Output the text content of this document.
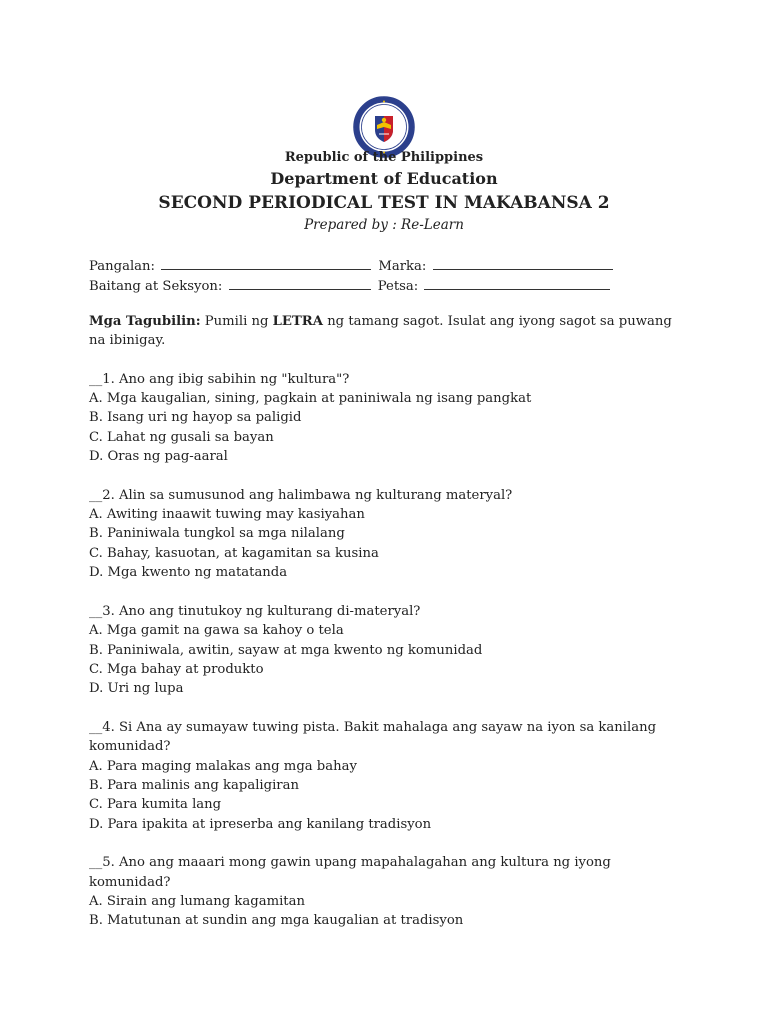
Republic of the Philippines
Department of Education
SECOND PERIODICAL TEST IN MAKABANSA 2
Prepared by : Re-Learn
Pangalan:	Marka:
Baitang at Seksyon:	Petsa:
Mga Tagubilin: Pumili ng LETRA ng tamang sagot. Isulat ang iyong sagot sa puwang na ibinigay.
__1. Ano ang ibig sabihin ng "kultura"?
A. Mga kaugalian, sining, pagkain at paniniwala ng isang pangkat
B. Isang uri ng hayop sa paligid
C. Lahat ng gusali sa bayan
D. Oras ng pag-aaral
__2. Alin sa sumusunod ang halimbawa ng kulturang materyal?
A. Awiting inaawit tuwing may kasiyahan
B. Paniniwala tungkol sa mga nilalang
C. Bahay, kasuotan, at kagamitan sa kusina
D. Mga kwento ng matatanda
__3. Ano ang tinutukoy ng kulturang di-materyal?
A. Mga gamit na gawa sa kahoy o tela
B. Paniniwala, awitin, sayaw at mga kwento ng komunidad
C. Mga bahay at produkto
D. Uri ng lupa
__4. Si Ana ay sumayaw tuwing pista. Bakit mahalaga ang sayaw na iyon sa kanilang komunidad?
A. Para maging malakas ang mga bahay
B. Para malinis ang kapaligiran
C. Para kumita lang
D. Para ipakita at ipreserba ang kanilang tradisyon
__5. Ano ang maaari mong gawin upang mapahalagahan ang kultura ng iyong komunidad?
A. Sirain ang lumang kagamitan
B. Matutunan at sundin ang mga kaugalian at tradisyon
